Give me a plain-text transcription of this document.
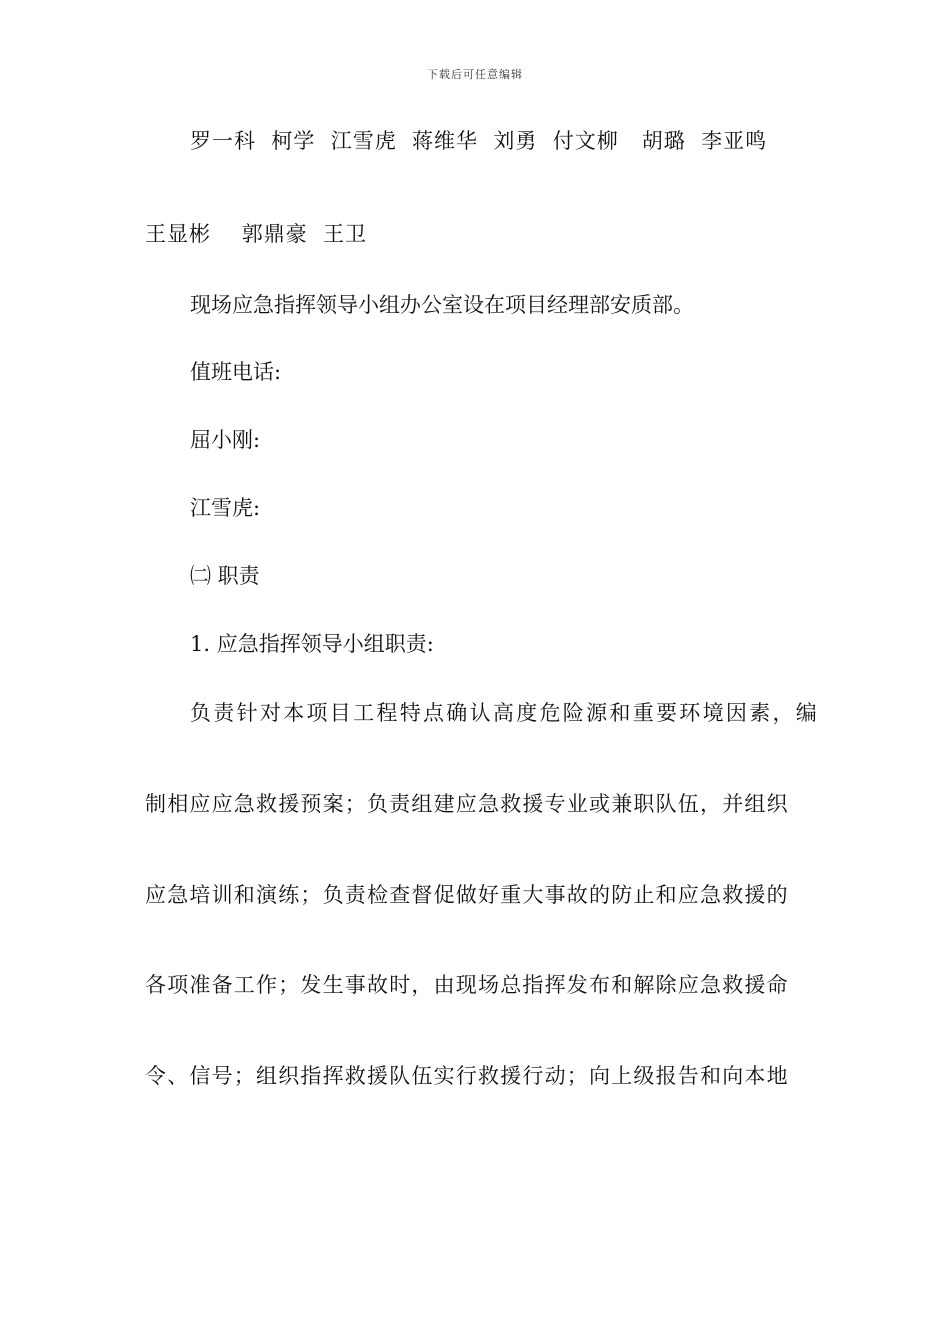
下载后可任意编辑
罗一科  柯学  江雪虎  蒋维华  刘勇  付文柳   胡璐  李亚鸣
王显彬    郭鼎豪  王卫
现场应急指挥领导小组办公室设在项目经理部安质部。
值班电话:
屈小刚:
江雪虎:
㈡ 职责
1. 应急指挥领导小组职责:
负责针对本项目工程特点确认高度危险源和重要环境因素，编
制相应应急救援预案；负责组建应急救援专业或兼职队伍，并组织
应急培训和演练；负责检查督促做好重大事故的防止和应急救援的
各项准备工作；发生事故时，由现场总指挥发布和解除应急救援命
令、信号；组织指挥救援队伍实行救援行动；向上级报告和向本地
